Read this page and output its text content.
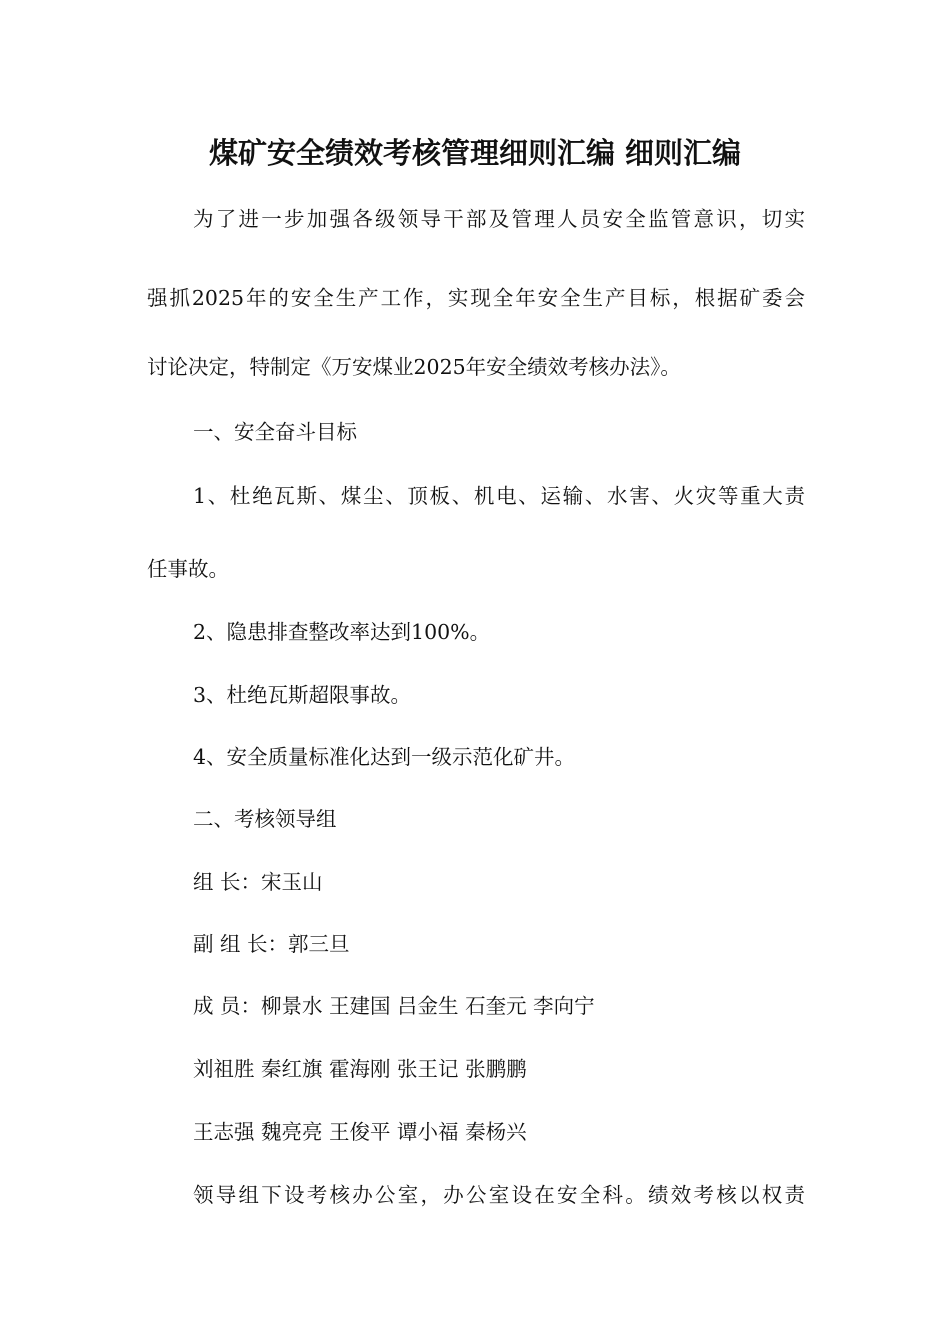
煤矿安全绩效考核管理细则汇编 细则汇编
为了进一步加强各级领导干部及管理人员安全监管意识，切实
强抓2025年的安全生产工作，实现全年安全生产目标，根据矿委会
讨论决定，特制定《万安煤业2025年安全绩效考核办法》。
一、安全奋斗目标
1、杜绝瓦斯、煤尘、顶板、机电、运输、水害、火灾等重大责
任事故。
2、隐患排查整改率达到100%。
3、杜绝瓦斯超限事故。
4、安全质量标准化达到一级示范化矿井。
二、考核领导组
组 长：宋玉山
副 组 长：郭三旦
成 员：柳景水 王建国 吕金生 石奎元 李向宁
刘祖胜 秦红旗 霍海刚 张王记 张鹏鹏
王志强 魏亮亮 王俊平 谭小福 秦杨兴
领导组下设考核办公室，办公室设在安全科。绩效考核以权责
